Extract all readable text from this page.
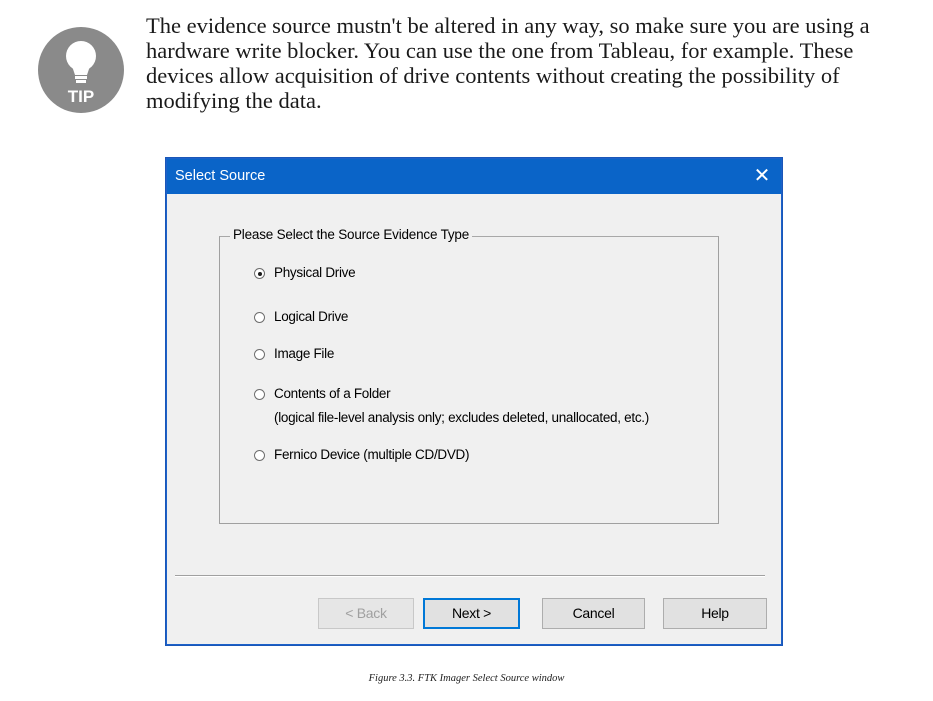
TIP

The evidence source mustn't be altered in any way, so make sure you are using a hardware write blocker. You can use the one from Tableau, for example. These devices allow acquisition of drive contents without creating the possibility of modifying the data.

Select Source	✕
Please Select the Source Evidence Type
Physical Drive
Logical Drive
Image File
Contents of a Folder
(logical file-level analysis only; excludes deleted, unallocated, etc.)
Fernico Device (multiple CD/DVD)
< Back	Next >	Cancel	Help
Figure 3.3. FTK Imager Select Source window
